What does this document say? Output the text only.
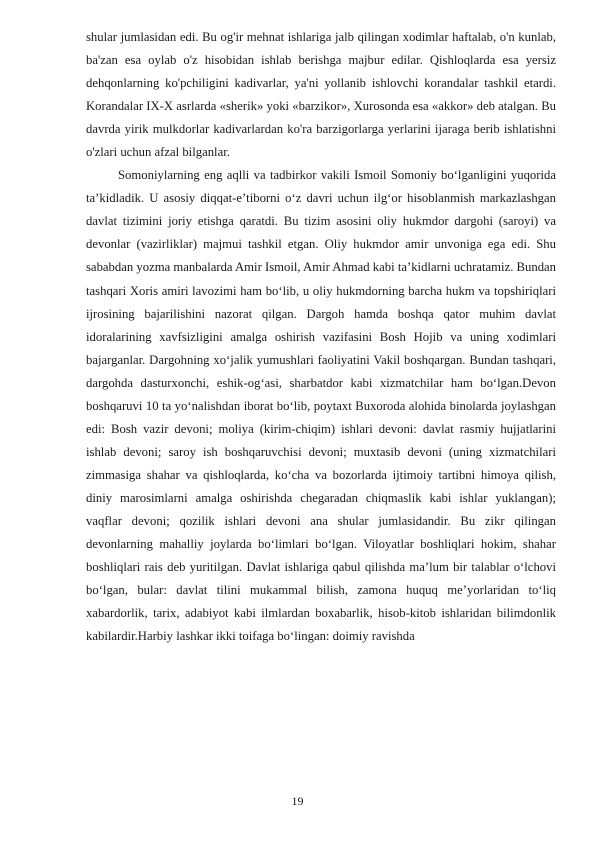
shular jumlasidan edi. Bu og'ir mehnat ishlariga jalb qilingan xodimlar haftalab, o'n kunlab, ba'zan esa oylab o'z hisobidan ishlab berishga majbur edilar. Qishloqlarda esa yersiz dehqonlarning ko'pchiligini kadivarlar, ya'ni yollanib ishlovchi korandalar tashkil etardi. Korandalar IX-X asrlarda «sherik» yoki «barzikor», Xurosonda esa «akkor» deb atalgan. Bu davrda yirik mulkdorlar kadivarlardan ko'ra barzigorlarga yerlarini ijaraga berib ishlatishni o'zlari uchun afzal bilganlar.

Somoniylarning eng aqlli va tadbirkor vakili Ismoil Somoniy bo‘lganligini yuqorida taʼkidladik. U asosiy diqqat-eʼtiborni oʻz davri uchun ilgʻor hisoblanmish markazlashgan davlat tizimini joriy etishga qaratdi. Bu tizim asosini oliy hukmdor dargohi (saroyi) va devonlar (vazirliklar) majmui tashkil etgan. Oliy hukmdor amir unvoniga ega edi. Shu sababdan yozma manbalarda Amir Ismoil, Amir Ahmad kabi taʼkidlarni uchratamiz. Bundan tashqari Xoris amiri lavozimi ham boʻlib, u oliy hukmdorning barcha hukm va topshiriqlari ijrosining bajarilishini nazorat qilgan. Dargoh hamda boshqa qator muhim davlat idoralarining xavfsizligini amalga oshirish vazifasini Bosh Hojib va uning xodimlari bajarganlar. Dargohning xoʻjalik yumushlari faoliyatini Vakil boshqargan. Bundan tashqari, dargohda dasturxonchi, eshik-ogʻasi, sharbatdor kabi xizmatchilar ham boʻlgan.Devon boshqaruvi 10 ta yoʻnalishdan iborat boʻlib, poytaxt Buxoroda alohida binolarda joylashgan edi: Bosh vazir devoni; moliya (kirim-chiqim) ishlari devoni: davlat rasmiy hujjatlarini ishlab devoni; saroy ish boshqaruvchisi devoni; muxtasib devoni (uning xizmatchilari zimmasiga shahar va qishloqlarda, koʻcha va bozorlarda ijtimoiy tartibni himoya qilish, diniy marosimlarni amalga oshirishda chegaradan chiqmaslik kabi ishlar yuklangan); vaqflar devoni; qozilik ishlari devoni ana shular jumlasidandir. Bu zikr qilingan devonlarning mahalliy joylarda boʻlimlari boʻlgan. Viloyatlar boshliqlari hokim, shahar boshliqlari rais deb yuritilgan. Davlat ishlariga qabul qilishda maʼlum bir talablar oʻlchovi boʻlgan, bular: davlat tilini mukammal bilish, zamona huquq meʼyorlaridan toʻliq xabardorlik, tarix, adabiyot kabi ilmlardan boxabarlik, hisob-kitob ishlaridan bilimdonlik kabilardir.Harbiy lashkar ikki toifaga boʻlingan: doimiy ravishda

19
